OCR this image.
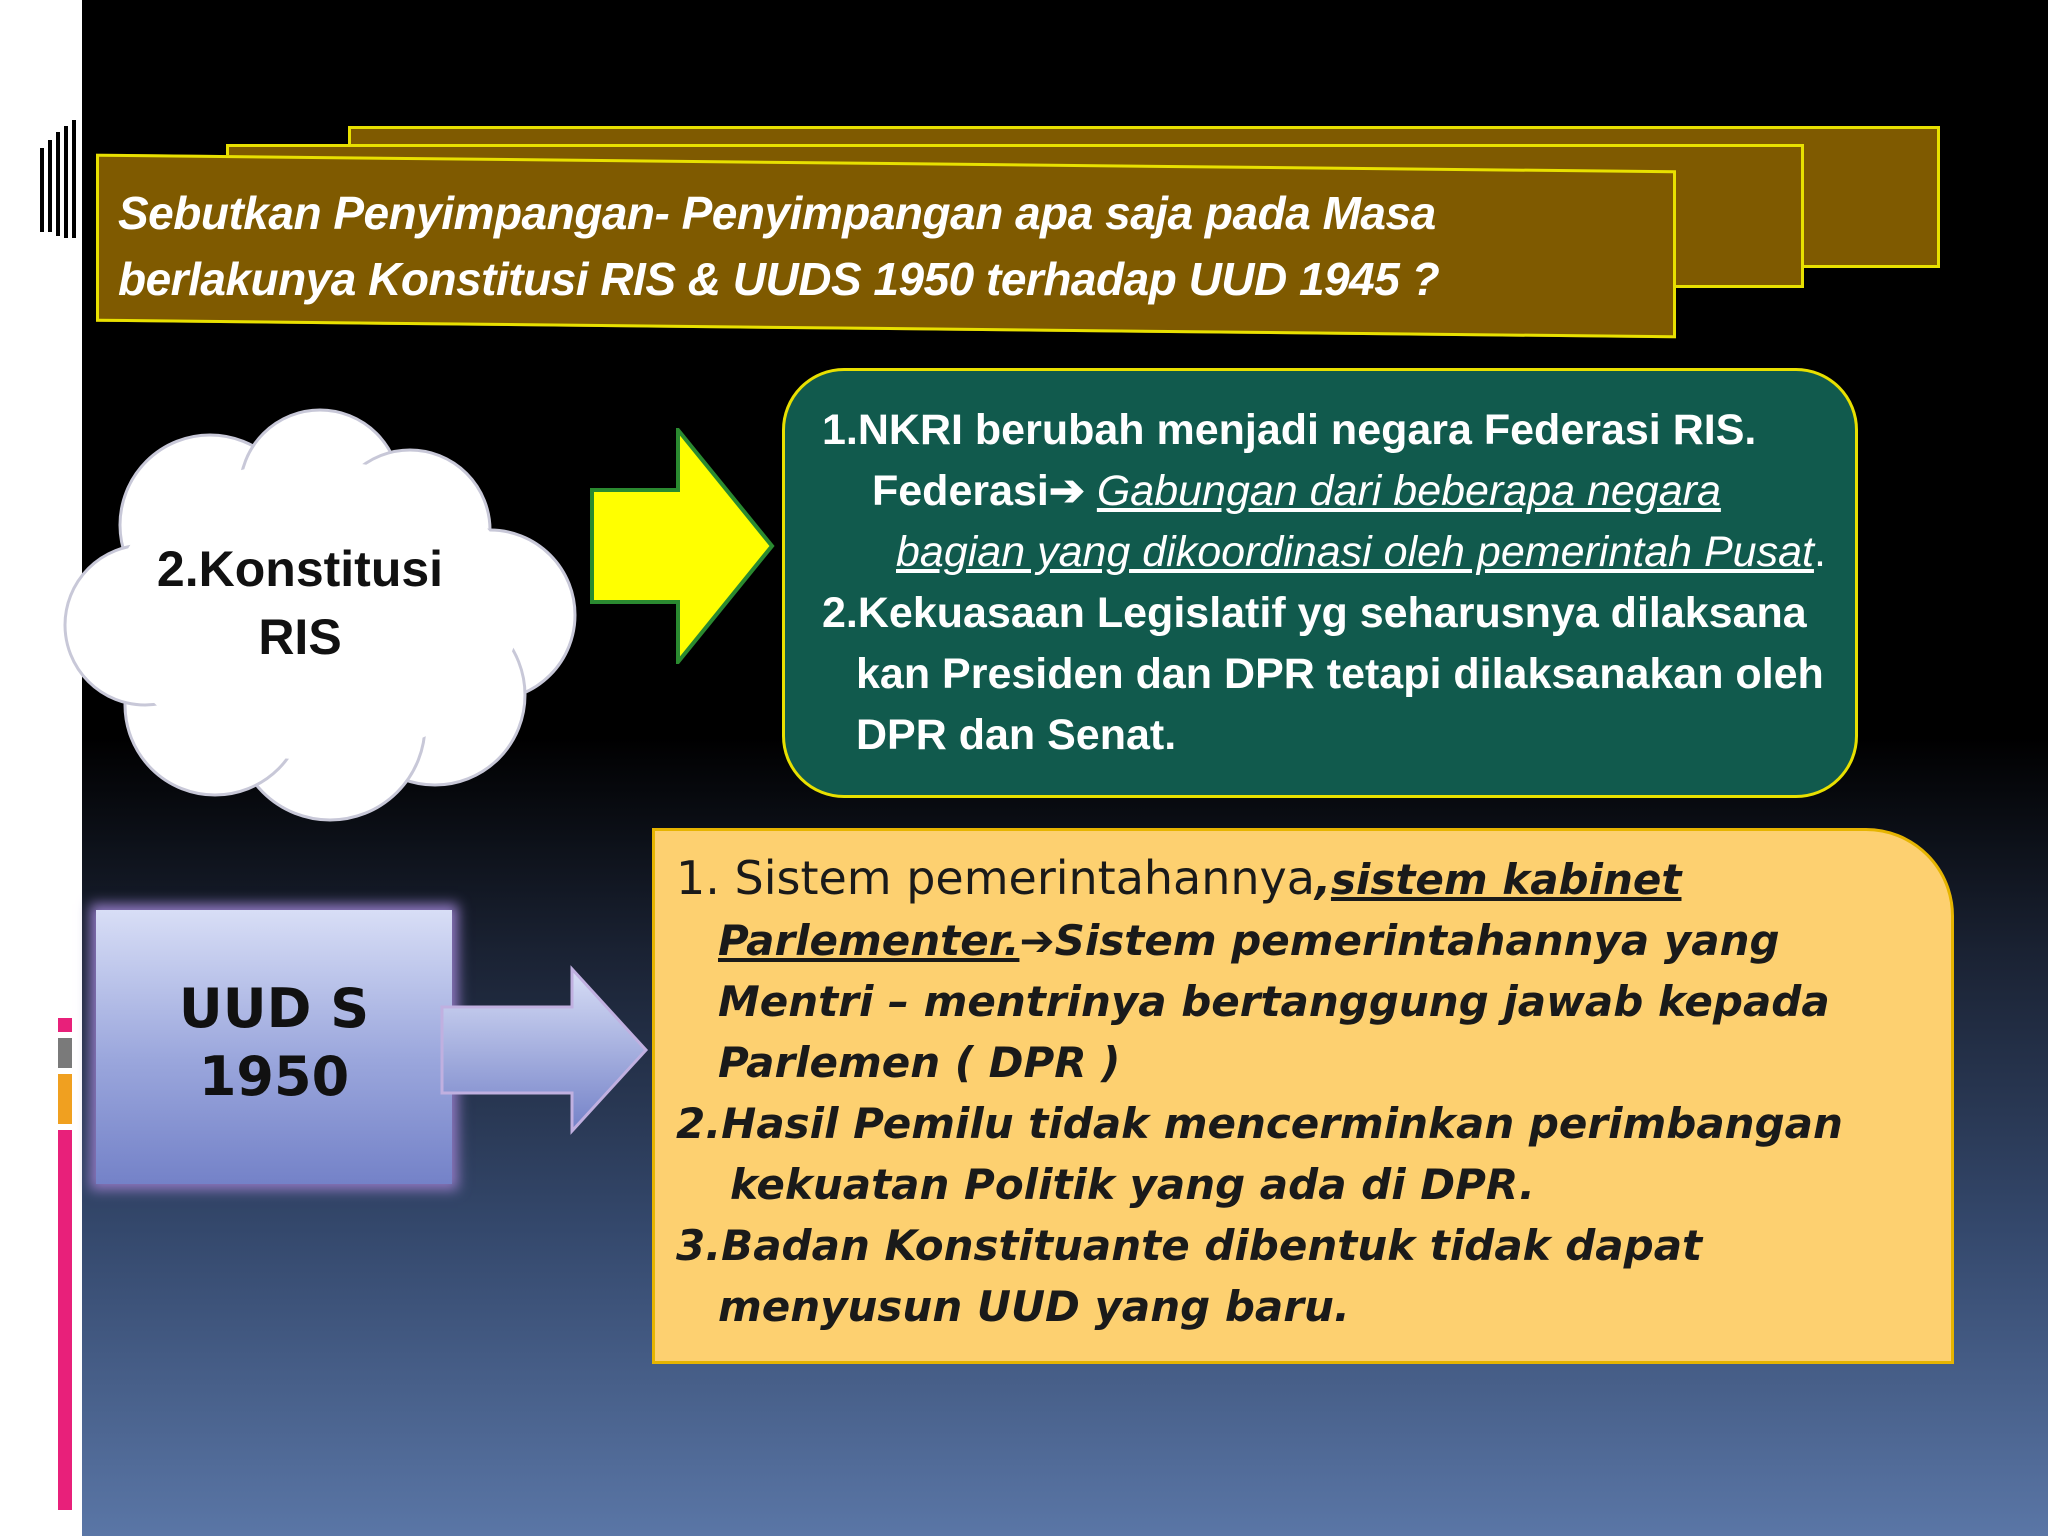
Sebutkan Penyimpangan- Penyimpangan apa saja pada Masa
berlakunya Konstitusi RIS & UUDS 1950 terhadap UUD 1945 ?
2.Konstitusi
RIS
1.NKRI berubah menjadi negara Federasi RIS.
Federasi➔ Gabungan dari beberapa negara
bagian yang dikoordinasi oleh pemerintah Pusat.
2.Kekuasaan Legislatif yg seharusnya dilaksana
kan Presiden dan DPR tetapi dilaksanakan oleh
DPR dan Senat.
UUD S
1950
1. Sistem pemerintahannya,sistem kabinet
Parlementer.➔Sistem pemerintahannya yang
Mentri – mentrinya bertanggung jawab kepada
Parlemen ( DPR )
2.Hasil Pemilu tidak mencerminkan perimbangan
kekuatan Politik yang ada di DPR.
3.Badan Konstituante dibentuk tidak dapat
menyusun UUD yang baru.
